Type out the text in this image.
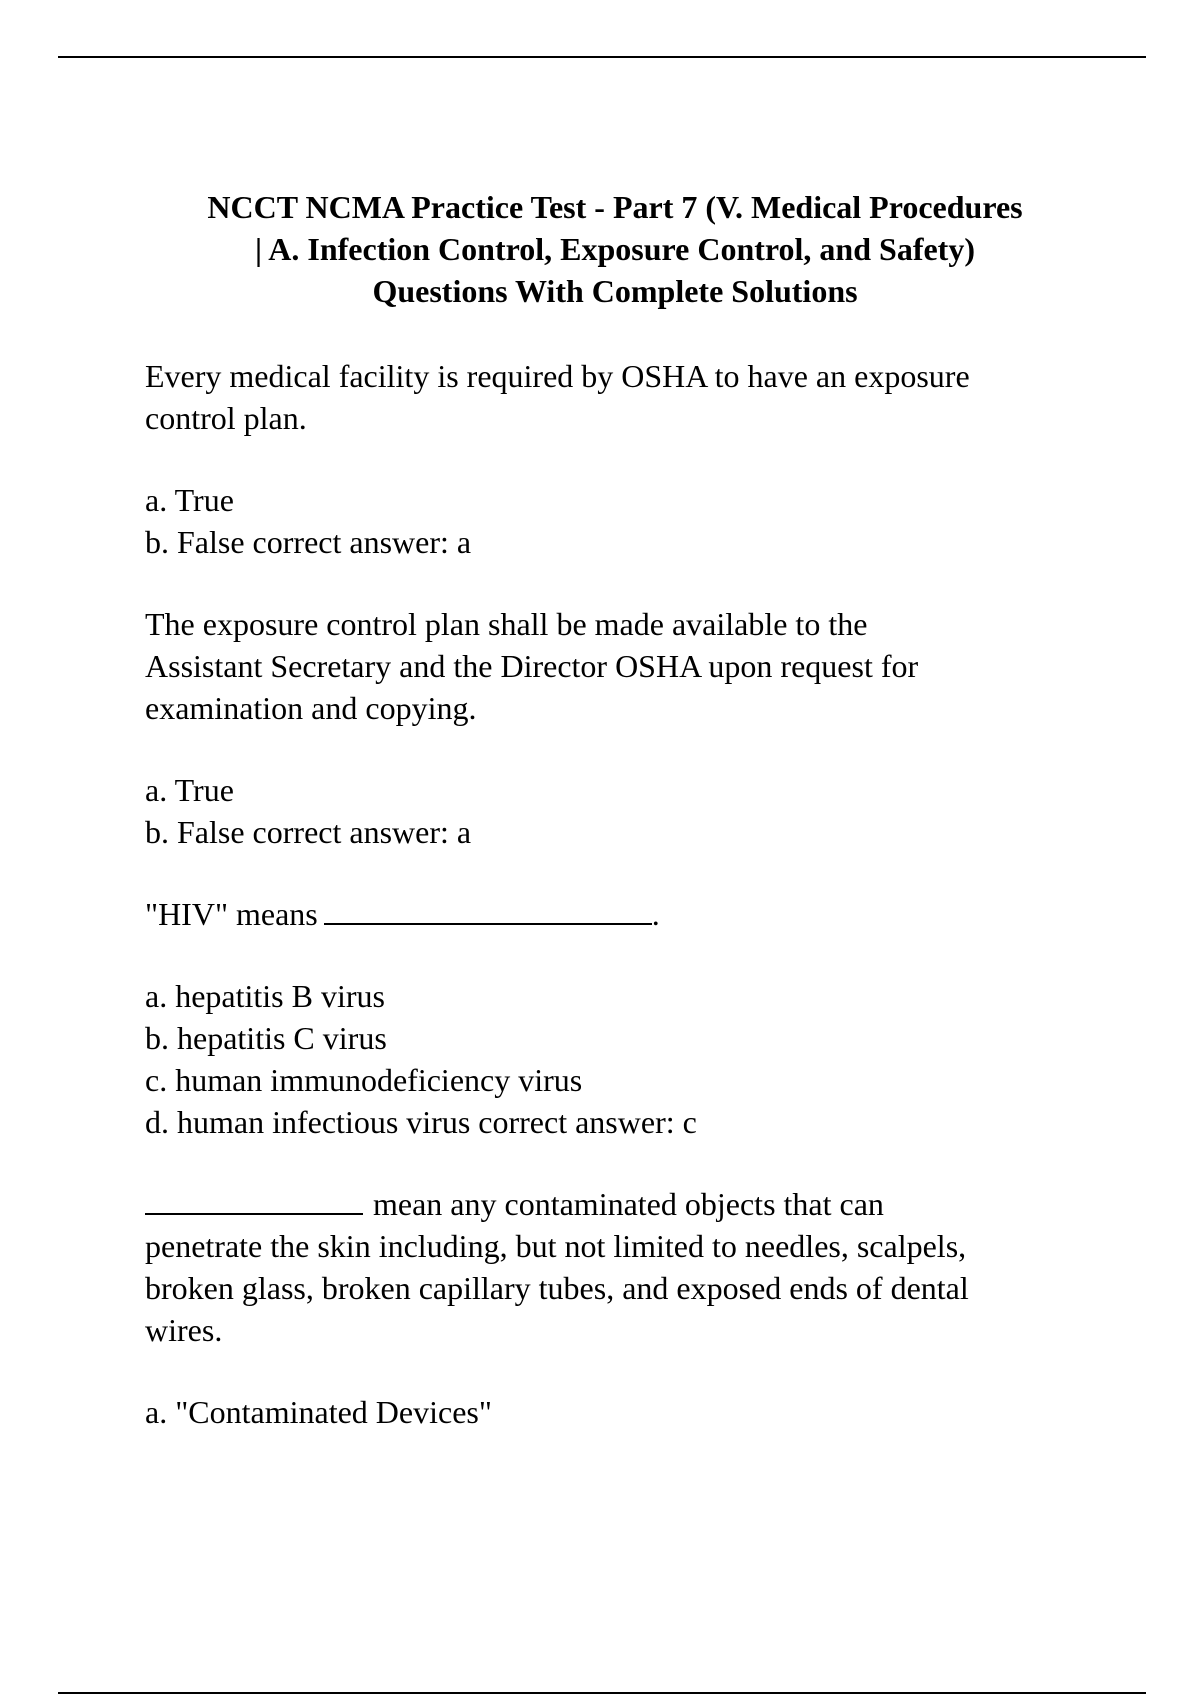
NCCT NCMA Practice Test - Part 7 (V. Medical Procedures
| A. Infection Control, Exposure Control, and Safety)
Questions With Complete Solutions
Every medical facility is required by OSHA to have an exposure
control plan.
a. True
b. False correct answer: a
The exposure control plan shall be made available to the
Assistant Secretary and the Director OSHA upon request for
examination and copying.
a. True
b. False correct answer: a
"HIV" means	.
a. hepatitis B virus
b. hepatitis C virus
c. human immunodeficiency virus
d. human infectious virus correct answer: c
mean any contaminated objects that can
penetrate the skin including, but not limited to needles, scalpels,
broken glass, broken capillary tubes, and exposed ends of dental
wires.
a. "Contaminated Devices"
